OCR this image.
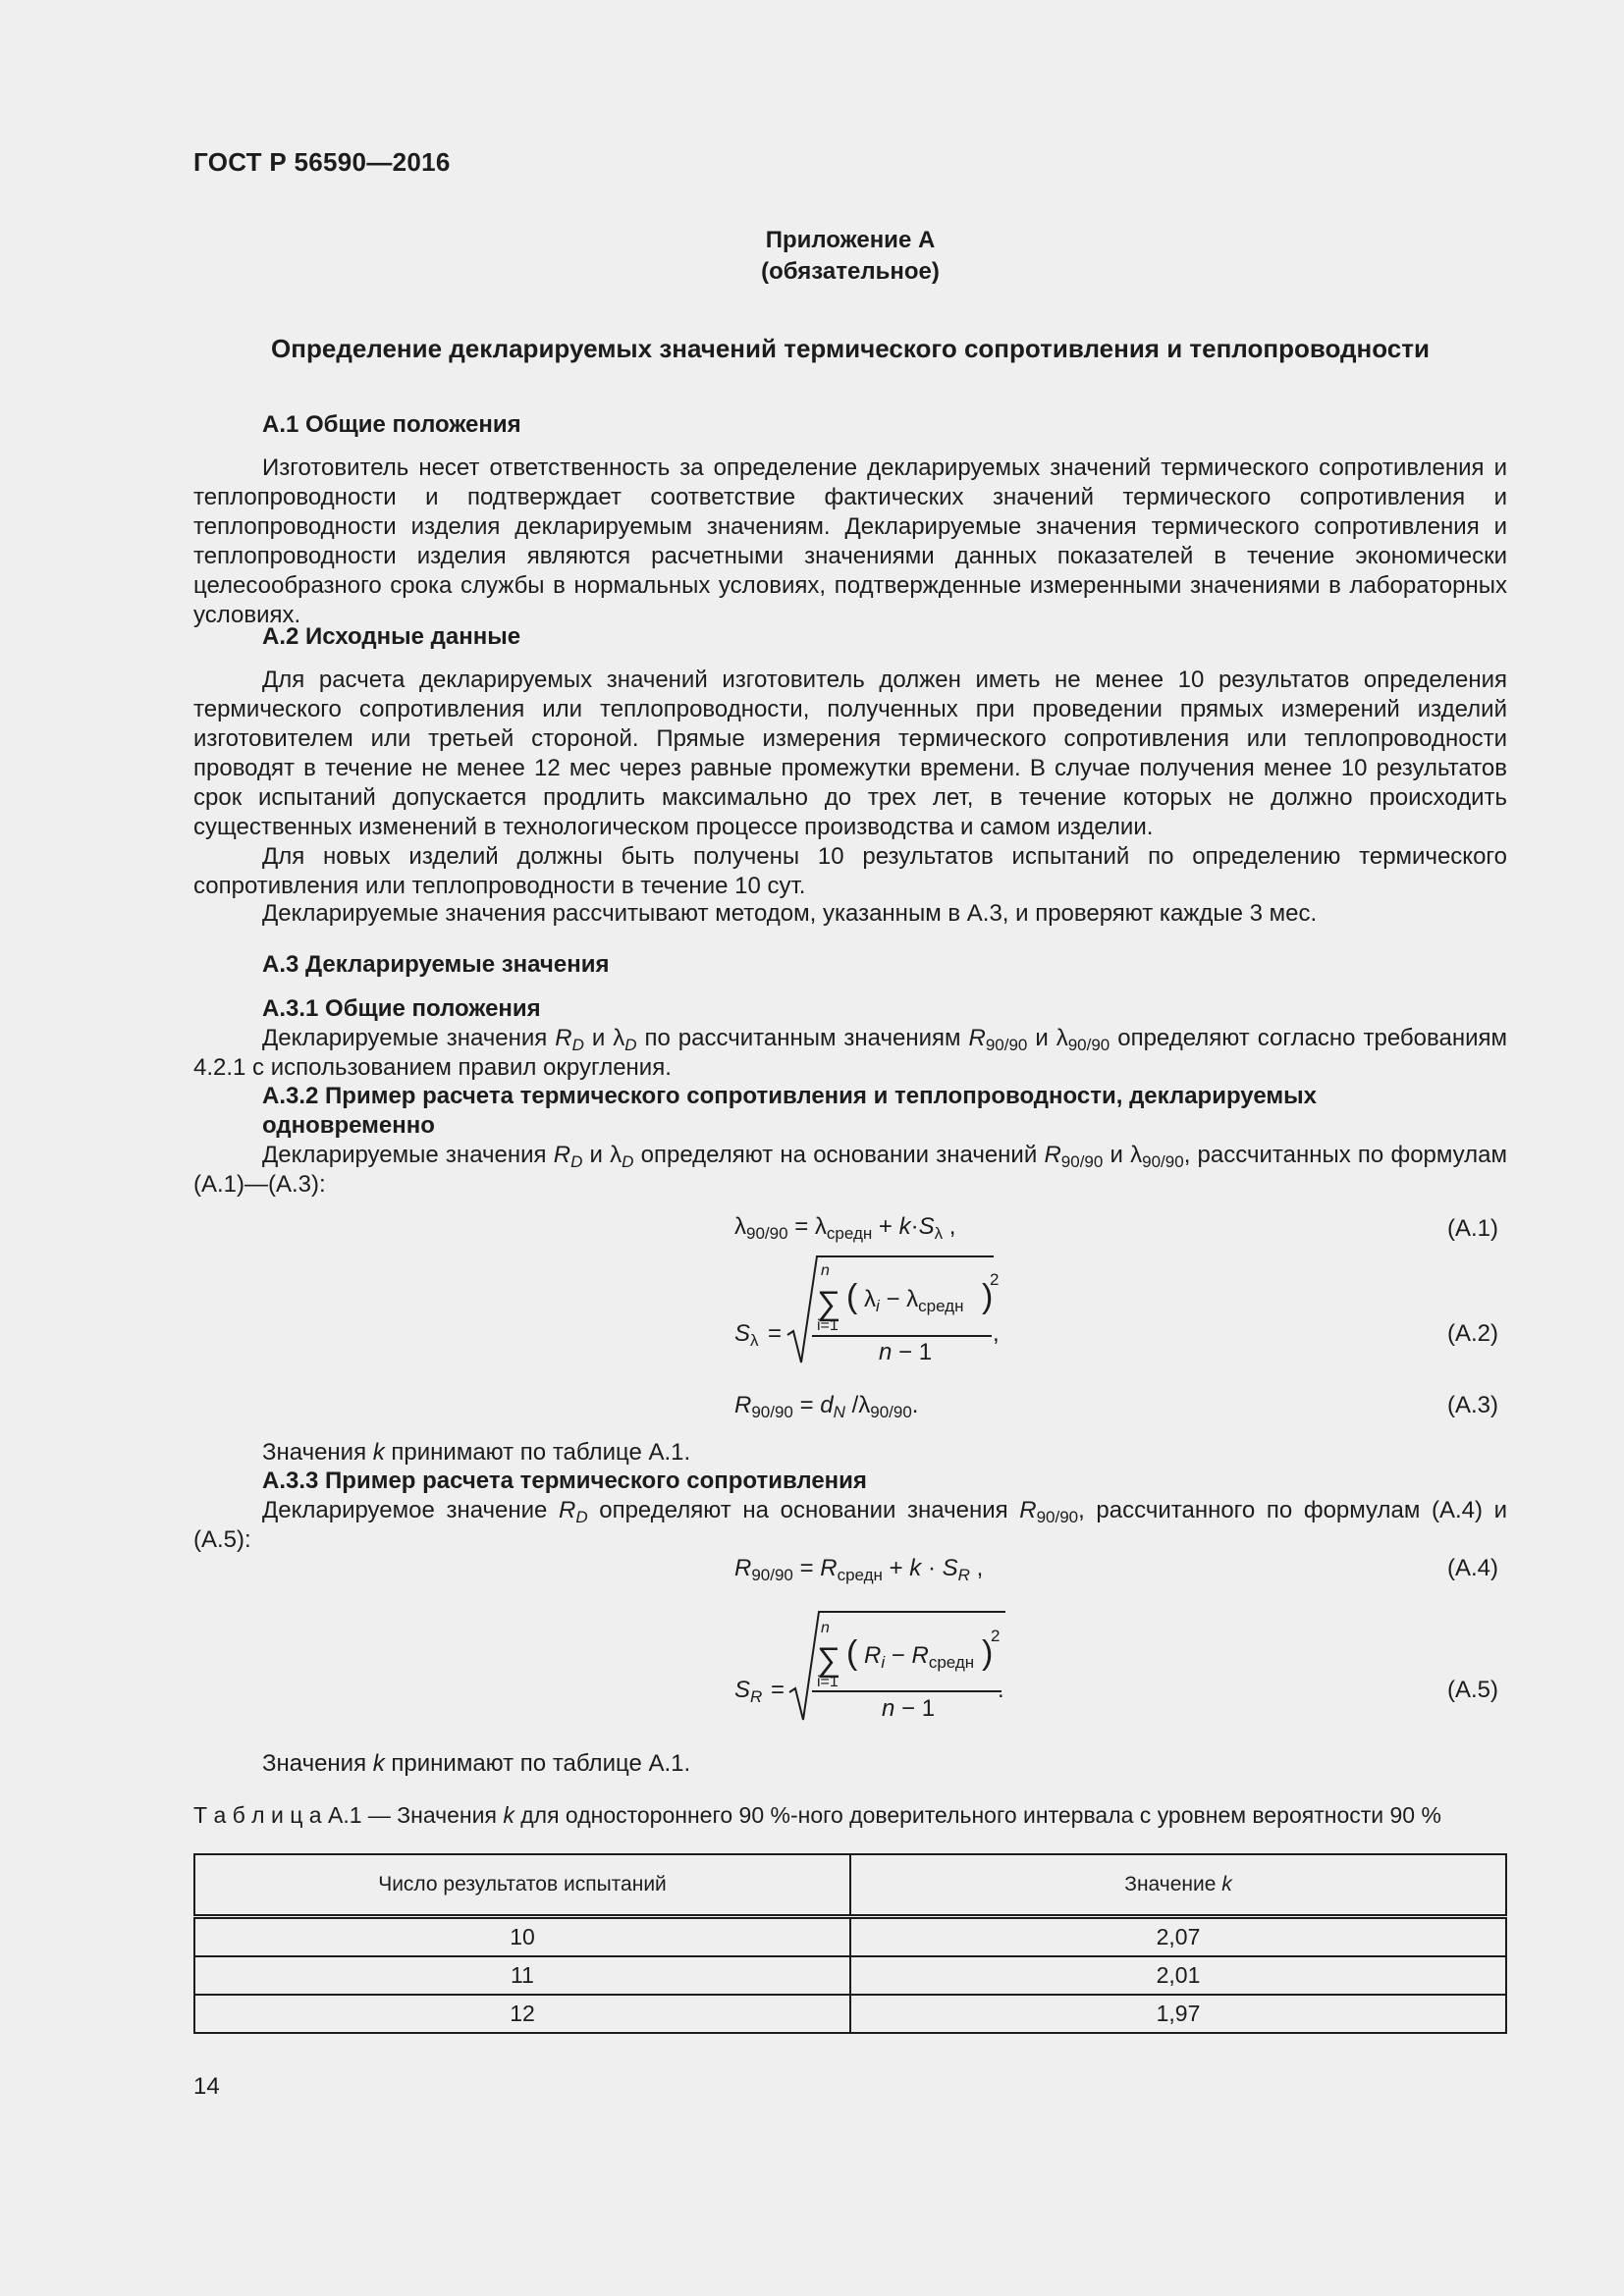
ГОСТ Р 56590—2016
Приложение А
(обязательное)
Определение декларируемых значений термического сопротивления и теплопроводности
А.1 Общие положения
Изготовитель несет ответственность за определение декларируемых значений термического сопротивления и теплопроводности и подтверждает соответствие фактических значений термического сопротивления и теплопроводности изделия декларируемым значениям. Декларируемые значения термического сопротивления и теплопроводности изделия являются расчетными значениями данных показателей в течение экономически целесообразного срока службы в нормальных условиях, подтвержденные измеренными значениями в лабораторных условиях.
А.2 Исходные данные
Для расчета декларируемых значений изготовитель должен иметь не менее 10 результатов определения термического сопротивления или теплопроводности, полученных при проведении прямых измерений изделий изготовителем или третьей стороной. Прямые измерения термического сопротивления или теплопроводности проводят в течение не менее 12 мес через равные промежутки времени. В случае получения менее 10 результатов срок испытаний допускается продлить максимально до трех лет, в течение которых не должно происходить существенных изменений в технологическом процессе производства и самом изделии.
Для новых изделий должны быть получены 10 результатов испытаний по определению термического сопротивления или теплопроводности в течение 10 сут.
Декларируемые значения рассчитывают методом, указанным в А.3, и проверяют каждые 3 мес.
А.3 Декларируемые значения
А.3.1 Общие положения
Декларируемые значения $R_D$ и $\lambda_D$ по рассчитанным значениям $R_{90/90}$ и $\lambda_{90/90}$ определяют согласно требованиям 4.2.1 с использованием правил округления.
А.3.2 Пример расчета термического сопротивления и теплопроводности, декларируемых одновременно
Декларируемые значения $R_D$ и $\lambda_D$ определяют на основании значений $R_{90/90}$ и $\lambda_{90/90}$, рассчитанных по формулам (А.1)—(А.3):
$\lambda_{90/90} = \lambda_{средн} + k\cdot S_\lambda$ ,	(А.1)
$S_\lambda$ =
∑
n
i=1
( $\lambda_i - \lambda_{средн}$ )
2
n − 1
,	(А.2)
$R_{90/90} = d_N$ $/\lambda_{90/90}$.	(А.3)
Значения k принимают по таблице А.1.
А.3.3 Пример расчета термического сопротивления
Декларируемое значение $R_D$ определяют на основании значения $R_{90/90}$, рассчитанного по формулам (А.4) и (А.5):
$R_{90/90} = R_{средн} + k \cdot S_R$ ,	(А.4)
$S_R$ =
∑
n
i=1
( $R_i - R_{средн}$ )
2
n − 1
.	(А.5)
Значения k принимают по таблице А.1.
Т а б л и ц а А.1 — Значения k для одностороннего 90 %-ного доверительного интервала с уровнем вероятности 90 %
Число результатов испытаний	Значение k
10	2,07
11	2,01
12	1,97
14
